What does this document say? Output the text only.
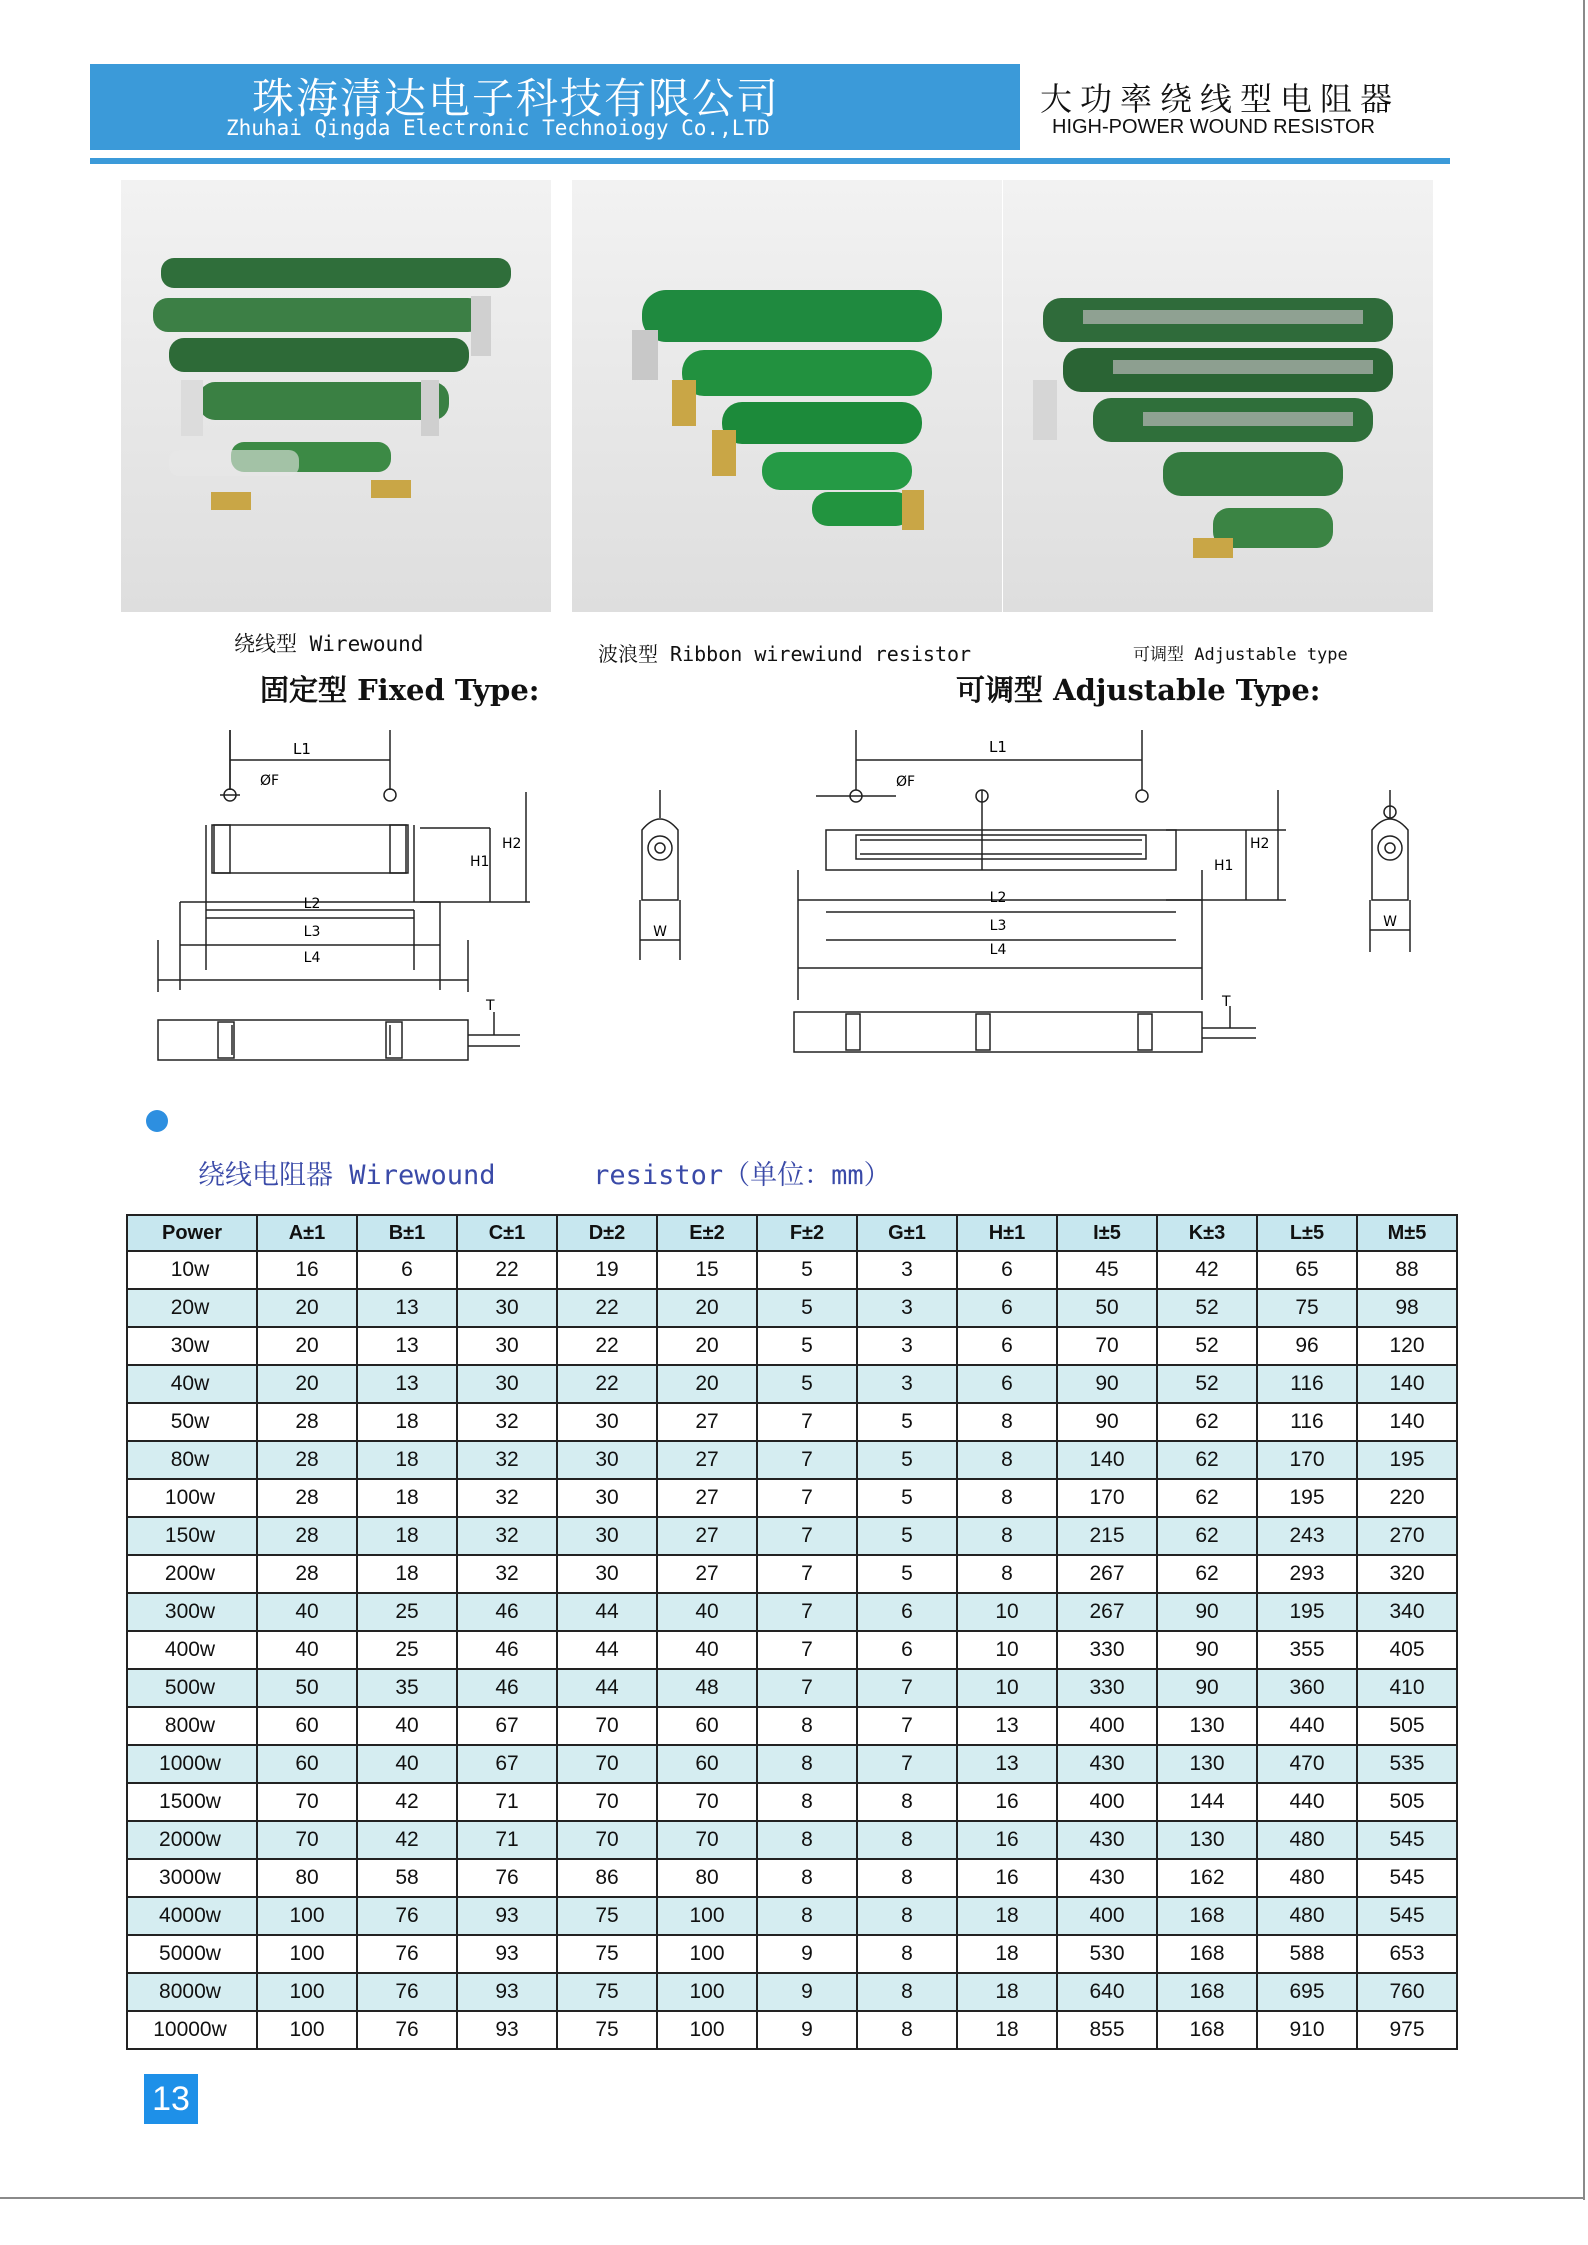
珠海清达电子科技有限公司
Zhuhai Qingda Electronic Technoiogy Co.,LTD
大功率绕线型电阻器
HIGH-POWER WOUND RESISTOR
绕线型 Wirewound	波浪型 Ribbon wirewiund resistor	可调型 Adjustable type
固定型 Fixed Type:	可调型 Adjustable Type:
L1
ØF
H1
H2
L2
L3
L4
T
W
L1
ØF
H1
H2
L2
L3
L4
T
W
绕线电阻器 Wirewound      resistor（单位：mm）
Power	A±1	B±1	C±1	D±2	E±2	F±2	G±1	H±1	I±5	K±3	L±5	M±5
10w	16	6	22	19	15	5	3	6	45	42	65	88
20w	20	13	30	22	20	5	3	6	50	52	75	98
30w	20	13	30	22	20	5	3	6	70	52	96	120
40w	20	13	30	22	20	5	3	6	90	52	116	140
50w	28	18	32	30	27	7	5	8	90	62	116	140
80w	28	18	32	30	27	7	5	8	140	62	170	195
100w	28	18	32	30	27	7	5	8	170	62	195	220
150w	28	18	32	30	27	7	5	8	215	62	243	270
200w	28	18	32	30	27	7	5	8	267	62	293	320
300w	40	25	46	44	40	7	6	10	267	90	195	340
400w	40	25	46	44	40	7	6	10	330	90	355	405
500w	50	35	46	44	48	7	7	10	330	90	360	410
800w	60	40	67	70	60	8	7	13	400	130	440	505
1000w	60	40	67	70	60	8	7	13	430	130	470	535
1500w	70	42	71	70	70	8	8	16	400	144	440	505
2000w	70	42	71	70	70	8	8	16	430	130	480	545
3000w	80	58	76	86	80	8	8	16	430	162	480	545
4000w	100	76	93	75	100	8	8	18	400	168	480	545
5000w	100	76	93	75	100	9	8	18	530	168	588	653
8000w	100	76	93	75	100	9	8	18	640	168	695	760
10000w	100	76	93	75	100	9	8	18	855	168	910	975
13
